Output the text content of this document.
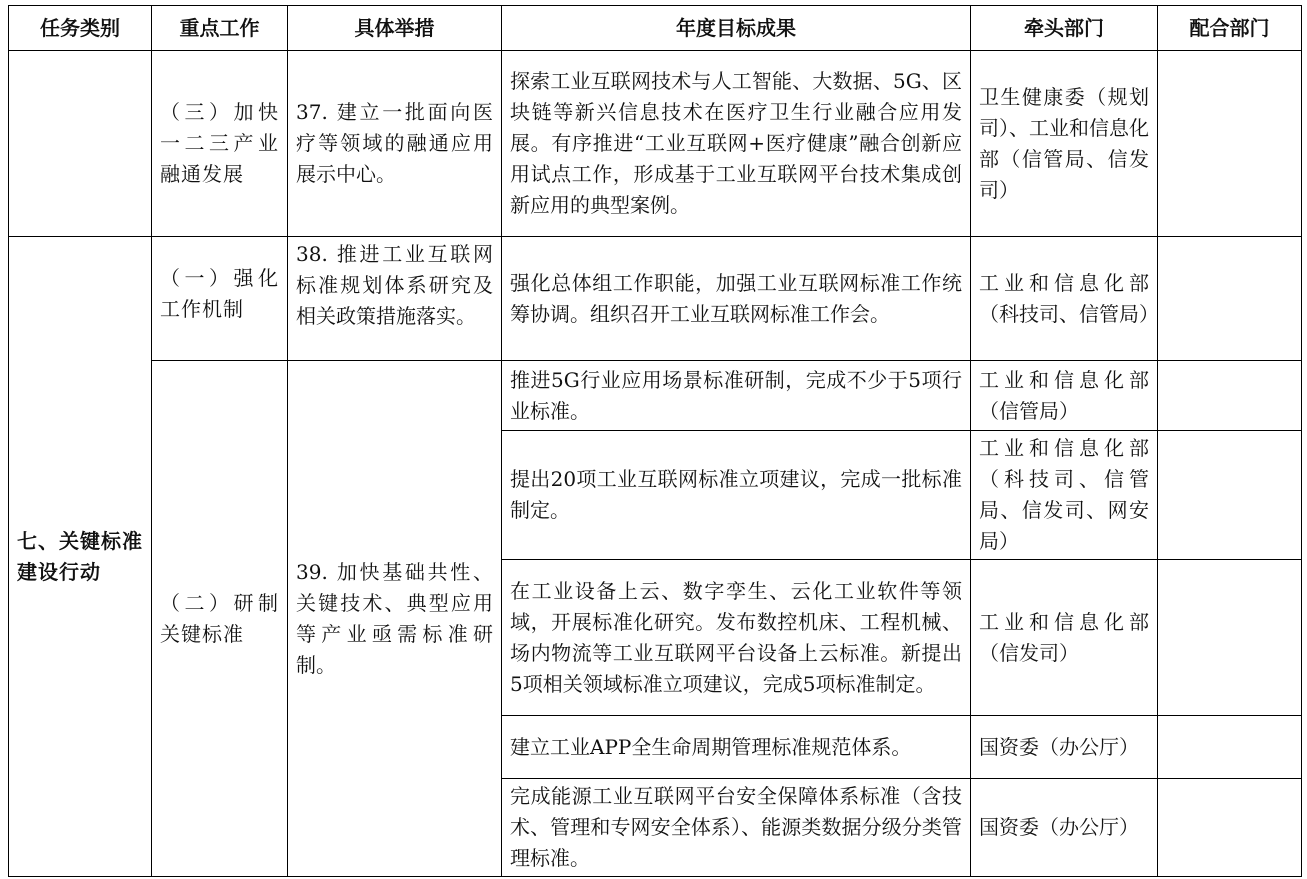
任务类别	重点工作	具体举措	年度目标成果	牵头部门	配合部门
	（三）加快一二三产业融通发展	37. 建立一批面向医疗等领域的融通应用展示中心。	探索工业互联网技术与人工智能、大数据、5G、区块链等新兴信息技术在医疗卫生行业融合应用发展。有序推进“工业互联网+医疗健康”融合创新应用试点工作，形成基于工业互联网平台技术集成创新应用的典型案例。	卫生健康委（规划司）、工业和信息化部（信管局、信发司）	
七、关键标准建设行动	（一）强化工作机制	38. 推进工业互联网标准规划体系研究及相关政策措施落实。	强化总体组工作职能，加强工业互联网标准工作统筹协调。组织召开工业互联网标准工作会。	工业和信息化部（科技司、信管局）	
	（二）研制关键标准	39. 加快基础共性、关键技术、典型应用等产业亟需标准研制。	推进5G行业应用场景标准研制，完成不少于5项行业标准。	工业和信息化部（信管局）	
			提出20项工业互联网标准立项建议，完成一批标准制定。	工业和信息化部（科技司、信管局、信发司、网安局）	
			在工业设备上云、数字孪生、云化工业软件等领域，开展标准化研究。发布数控机床、工程机械、场内物流等工业互联网平台设备上云标准。新提出5项相关领域标准立项建议，完成5项标准制定。	工业和信息化部（信发司）	
			建立工业APP全生命周期管理标准规范体系。	国资委（办公厅）	
			完成能源工业互联网平台安全保障体系标准（含技术、管理和专网安全体系）、能源类数据分级分类管理标准。	国资委（办公厅）	
